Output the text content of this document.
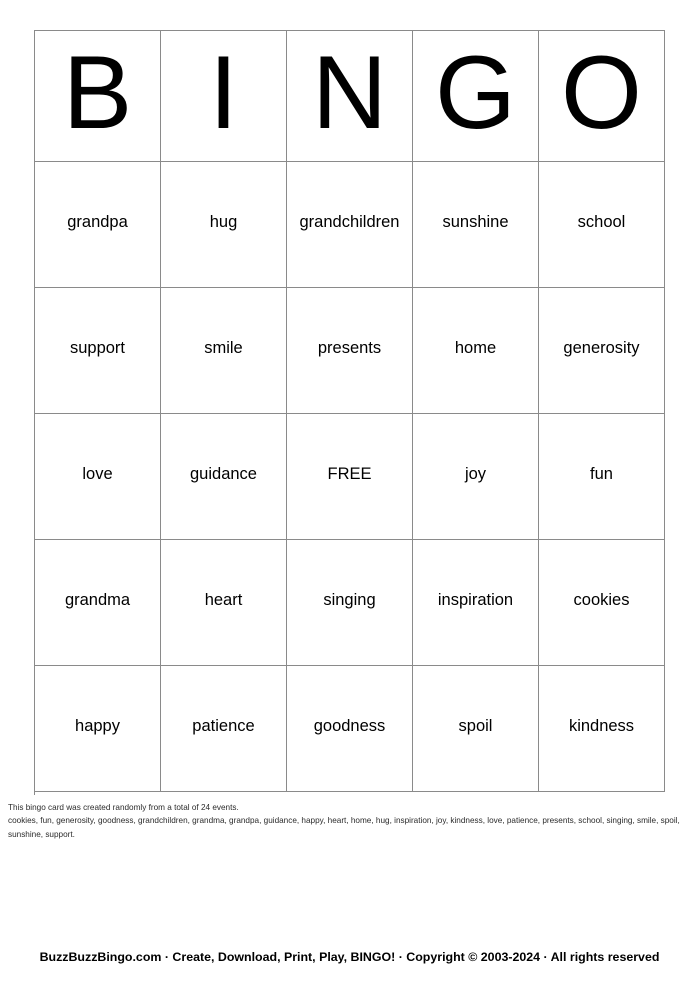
B I N G O
grandpa	hug	grandchildren	sunshine	school
support	smile	presents	home	generosity
love	guidance	FREE	joy	fun
grandma	heart	singing	inspiration	cookies
happy	patience	goodness	spoil	kindness
This bingo card was created randomly from a total of 24 events.
cookies, fun, generosity, goodness, grandchildren, grandma, grandpa, guidance, happy, heart, home, hug, inspiration, joy, kindness, love, patience, presents, school, singing, smile, spoil, sunshine, support.
BuzzBuzzBingo.com · Create, Download, Print, Play, BINGO! · Copyright © 2003-2024 · All rights reserved
